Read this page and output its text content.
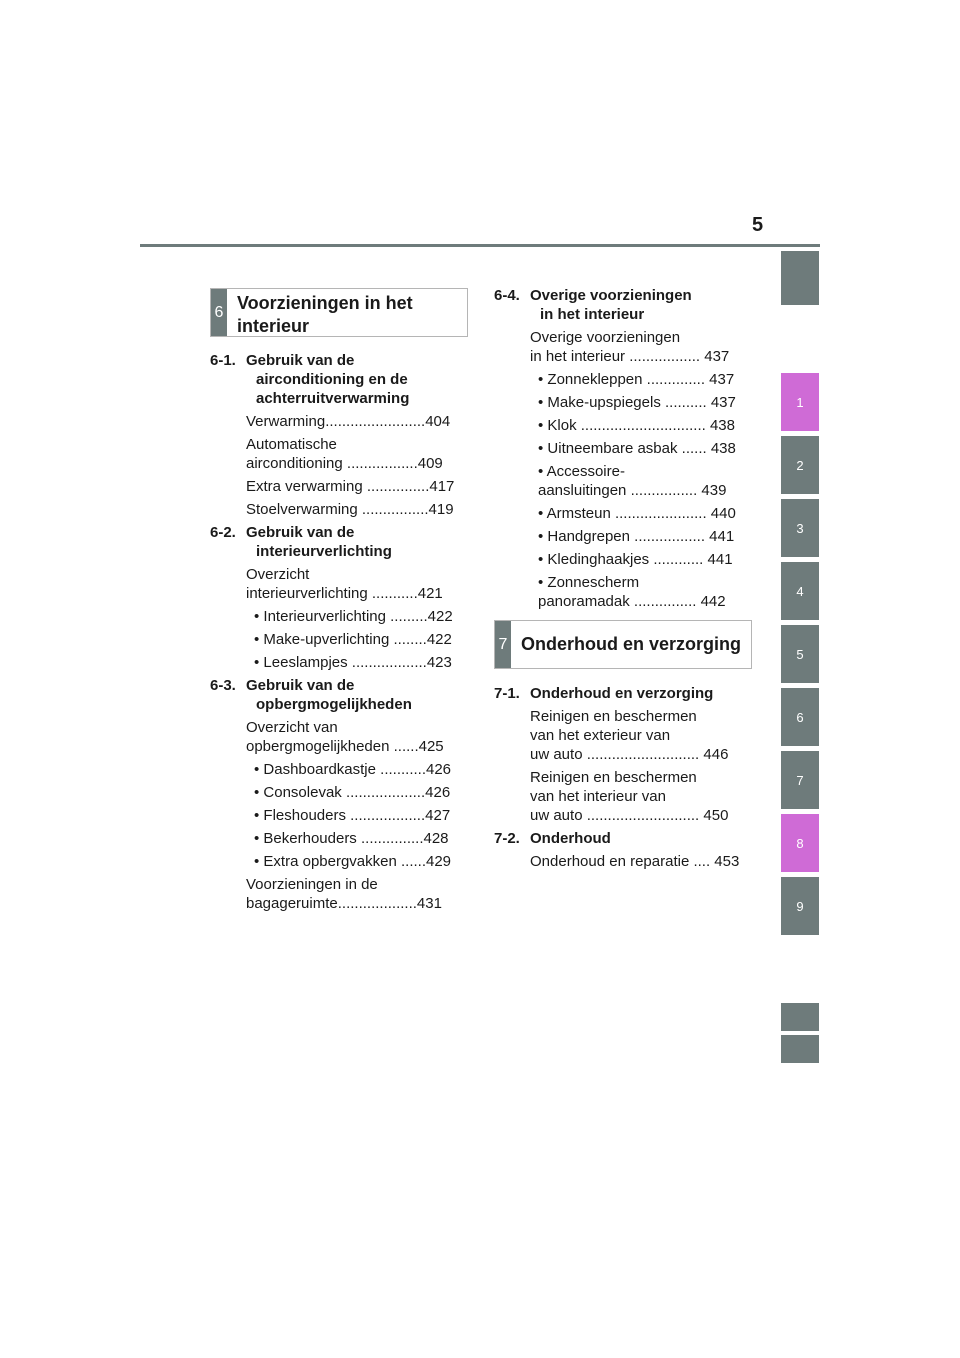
5
1
2
3
4
5
6
7
8
9
6 Voorzieningen in het
interieur
6-1. Gebruik van de
airconditioning en de
achterruitverwarming
Verwarming........................404
Automatische
airconditioning .................409
Extra verwarming ...............417
Stoelverwarming ................419
6-2. Gebruik van de
interieurverlichting
Overzicht
interieurverlichting ...........421
• Interieurverlichting .........422
• Make-upverlichting ........422
• Leeslampjes ..................423
6-3. Gebruik van de
opbergmogelijkheden
Overzicht van
opbergmogelijkheden ......425
• Dashboardkastje ...........426
• Consolevak ...................426
• Fleshouders ..................427
• Bekerhouders ...............428
• Extra opbergvakken ......429
Voorzieningen in de
bagageruimte...................431
6-4. Overige voorzieningen
in het interieur
Overige voorzieningen
in het interieur ................. 437
• Zonnekleppen .............. 437
• Make-upspiegels .......... 437
• Klok .............................. 438
• Uitneembare asbak ...... 438
• Accessoire-
aansluitingen ................ 439
• Armsteun ...................... 440
• Handgrepen ................. 441
• Kledinghaakjes ............ 441
• Zonnescherm
panoramadak ............... 442
7 Onderhoud en verzorging
7-1. Onderhoud en verzorging
Reinigen en beschermen
van het exterieur van
uw auto ........................... 446
Reinigen en beschermen
van het interieur van
uw auto ........................... 450
7-2. Onderhoud
Onderhoud en reparatie .... 453
